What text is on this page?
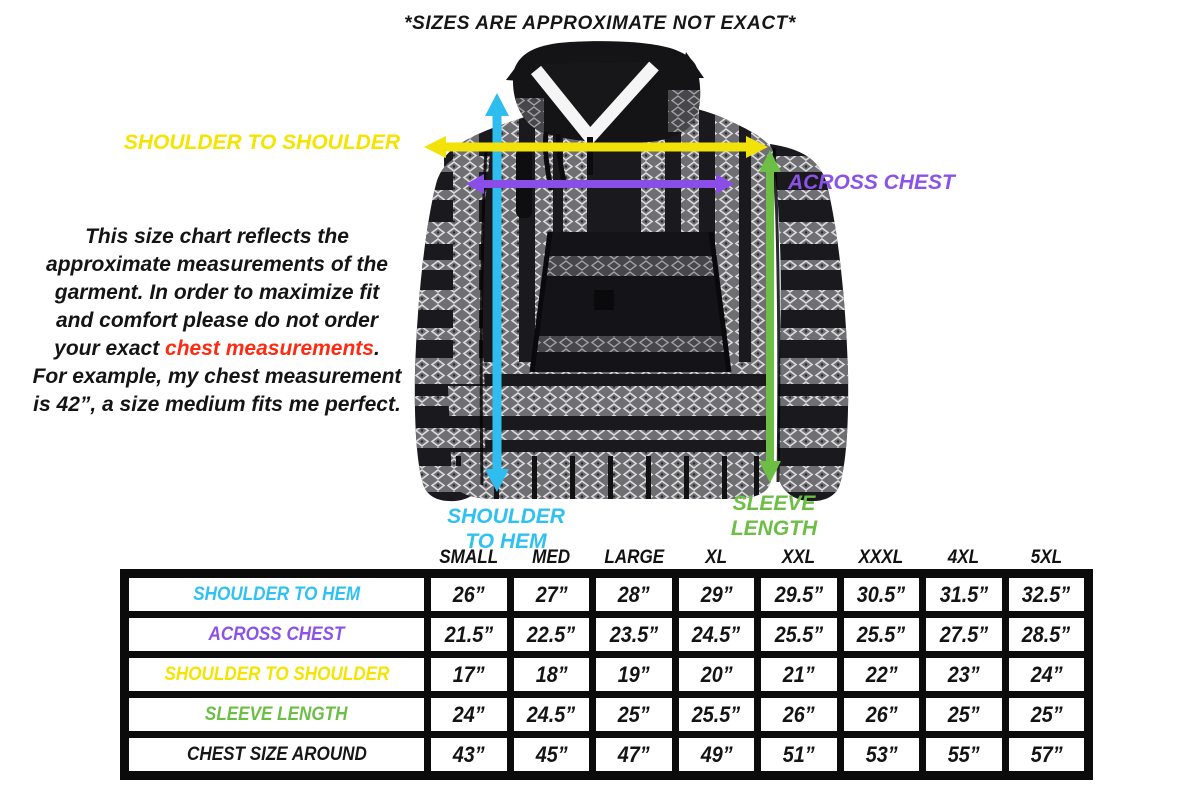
*SIZES ARE APPROXIMATE NOT EXACT*
This size chart reflects the
approximate measurements of the
garment. In order to maximize fit
and comfort please do not order
your exact chest measurements.
For example, my chest measurement
is 42”, a size medium fits me perfect.
SHOULDER TO SHOULDER
ACROSS CHEST
SHOULDER
TO HEM
SLEEVE
LENGTH
SMALL MED LARGE XL	XXL XXXL 4XL	5XL
SHOULDER TO HEM	26” 27” 28” 29” 29.5” 30.5” 31.5” 32.5”
ACROSS CHEST	21.5” 22.5” 23.5” 24.5” 25.5” 25.5” 27.5” 28.5”
SHOULDER TO SHOULDER	17” 18” 19” 20” 21” 22” 23” 24”
SLEEVE LENGTH	24” 24.5” 25” 25.5” 26” 26” 25” 25”
CHEST SIZE AROUND	43” 45” 47” 49” 51” 53” 55” 57”
